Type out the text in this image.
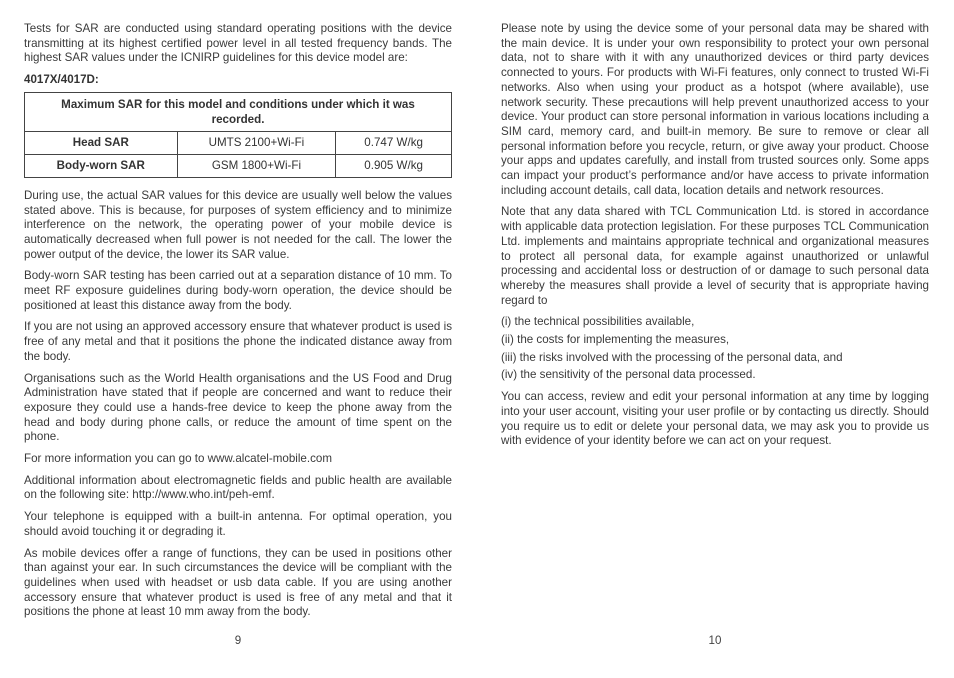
Tests for SAR are conducted using standard operating positions with the device transmitting at its highest certified power level in all tested frequency bands. The highest SAR values under the ICNIRP guidelines for this device model are:

4017X/4017D:
Maximum SAR for this model and conditions under which it was recorded.		
Head SAR	UMTS 2100+Wi-Fi	0.747 W/kg
Body-worn SAR	GSM 1800+Wi-Fi	0.905 W/kg

During use, the actual SAR values for this device are usually well below the values stated above. This is because, for purposes of system efficiency and to minimize interference on the network, the operating power of your mobile device is automatically decreased when full power is not needed for the call. The lower the power output of the device, the lower its SAR value.

Body-worn SAR testing has been carried out at a separation distance of 10 mm. To meet RF exposure guidelines during body-worn operation, the device should be positioned at least this distance away from the body.

If you are not using an approved accessory ensure that whatever product is used is free of any metal and that it positions the phone the indicated distance away from the body.

Organisations such as the World Health organisations and the US Food and Drug Administration have stated that if people are concerned and want to reduce their exposure they could use a hands-free device to keep the phone away from the head and body during phone calls, or reduce the amount of time spent on the phone.

For more information you can go to www.alcatel-mobile.com

Additional information about electromagnetic fields and public health are available on the following site: http://www.who.int/peh-emf.

Your telephone is equipped with a built-in antenna. For optimal operation, you should avoid touching it or degrading it.

As mobile devices offer a range of functions, they can be used in positions other than against your ear. In such circumstances the device will be compliant with the guidelines when used with headset or usb data cable. If you are using another accessory ensure that whatever product is used is free of any metal and that it positions the phone at least 10 mm away from the body.

9

Please note by using the device some of your personal data may be shared with the main device. It is under your own responsibility to protect your own personal data, not to share with it with any unauthorized devices or third party devices connected to yours. For products with Wi-Fi features, only connect to trusted Wi-Fi networks. Also when using your product as a hotspot (where available), use network security. These precautions will help prevent unauthorized access to your device. Your product can store personal information in various locations including a SIM card, memory card, and built-in memory. Be sure to remove or clear all personal information before you recycle, return, or give away your product. Choose your apps and updates carefully, and install from trusted sources only. Some apps can impact your product’s performance and/or have access to private information including account details, call data, location details and network resources.

Note that any data shared with TCL Communication Ltd. is stored in accordance with applicable data protection legislation. For these purposes TCL Communication Ltd. implements and maintains appropriate technical and organizational measures to protect all personal data, for example against unauthorized or unlawful processing and accidental loss or destruction of or damage to such personal data whereby the measures shall provide a level of security that is appropriate having regard to

(i) the technical possibilities available,

(ii) the costs for implementing the measures,

(iii) the risks involved with the processing of the personal data, and

(iv) the sensitivity of the personal data processed.

You can access, review and edit your personal information at any time by logging into your user account, visiting your user profile or by contacting us directly. Should you require us to edit or delete your personal data, we may ask you to provide us with evidence of your identity before we can act on your request.

10
